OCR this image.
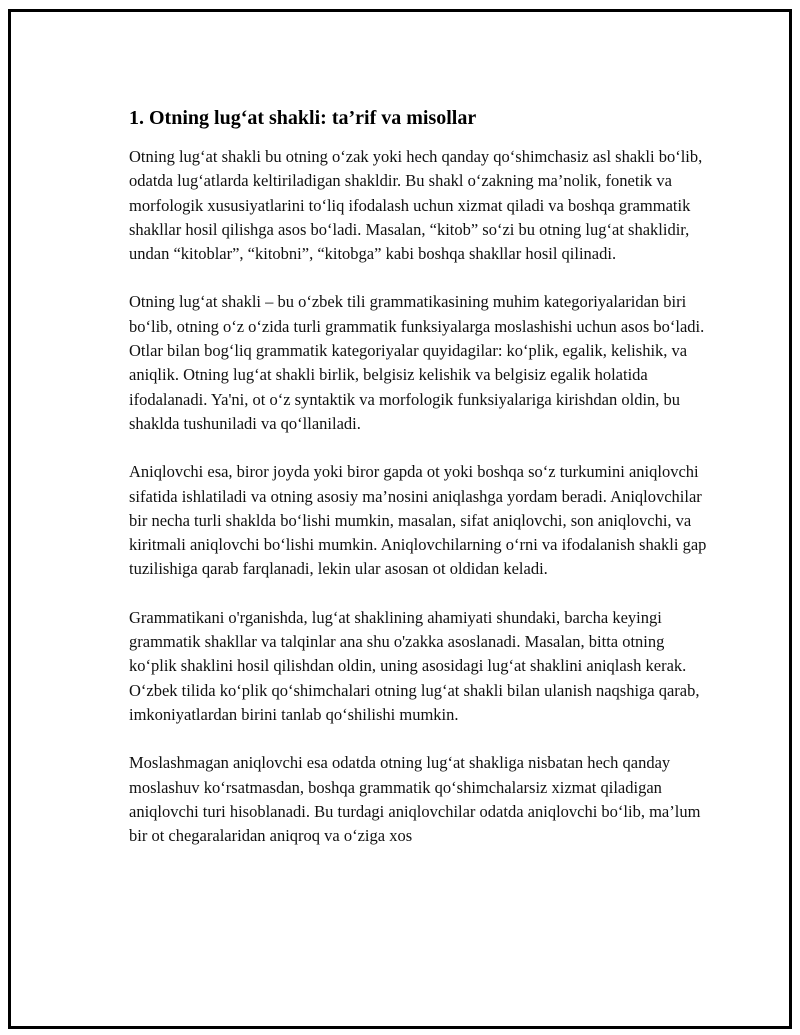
1. Otning lug‘at shakli: ta’rif va misollar

Otning lug‘at shakli bu otning o‘zak yoki hech qanday qo‘shimchasiz asl shakli bo‘lib, odatda lug‘atlarda keltiriladigan shakldir. Bu shakl o‘zakning ma’nolik, fonetik va morfologik xususiyatlarini to‘liq ifodalash uchun xizmat qiladi va boshqa grammatik shakllar hosil qilishga asos bo‘ladi. Masalan, “kitob” so‘zi bu otning lug‘at shaklidir, undan “kitoblar”, “kitobni”, “kitobga” kabi boshqa shakllar hosil qilinadi.

Otning lug‘at shakli – bu o‘zbek tili grammatikasining muhim kategoriyalaridan biri bo‘lib, otning o‘z o‘zida turli grammatik funksiyalarga moslashishi uchun asos bo‘ladi. Otlar bilan bog‘liq grammatik kategoriyalar quyidagilar: ko‘plik, egalik, kelishik, va aniqlik. Otning lug‘at shakli birlik, belgisiz kelishik va belgisiz egalik holatida ifodalanadi. Ya'ni, ot o‘z syntaktik va morfologik funksiyalariga kirishdan oldin, bu shaklda tushuniladi va qo‘llaniladi.

Aniqlovchi esa, biror joyda yoki biror gapda ot yoki boshqa so‘z turkumini aniqlovchi sifatida ishlatiladi va otning asosiy ma’nosini aniqlashga yordam beradi. Aniqlovchilar bir necha turli shaklda bo‘lishi mumkin, masalan, sifat aniqlovchi, son aniqlovchi, va kiritmali aniqlovchi bo‘lishi mumkin. Aniqlovchilarning o‘rni va ifodalanish shakli gap tuzilishiga qarab farqlanadi, lekin ular asosan ot oldidan keladi.

Grammatikani o'rganishda, lug‘at shaklining ahamiyati shundaki, barcha keyingi grammatik shakllar va talqinlar ana shu o'zakka asoslanadi. Masalan, bitta otning ko‘plik shaklini hosil qilishdan oldin, uning asosidagi lug‘at shaklini aniqlash kerak. O‘zbek tilida ko‘plik qo‘shimchalari otning lug‘at shakli bilan ulanish naqshiga qarab, imkoniyatlardan birini tanlab qo‘shilishi mumkin.

Moslashmagan aniqlovchi esa odatda otning lug‘at shakliga nisbatan hech qanday moslashuv ko‘rsatmasdan, boshqa grammatik qo‘shimchalarsiz xizmat qiladigan aniqlovchi turi hisoblanadi. Bu turdagi aniqlovchilar odatda aniqlovchi bo‘lib, ma’lum bir ot chegaralaridan aniqroq va o‘ziga xos
